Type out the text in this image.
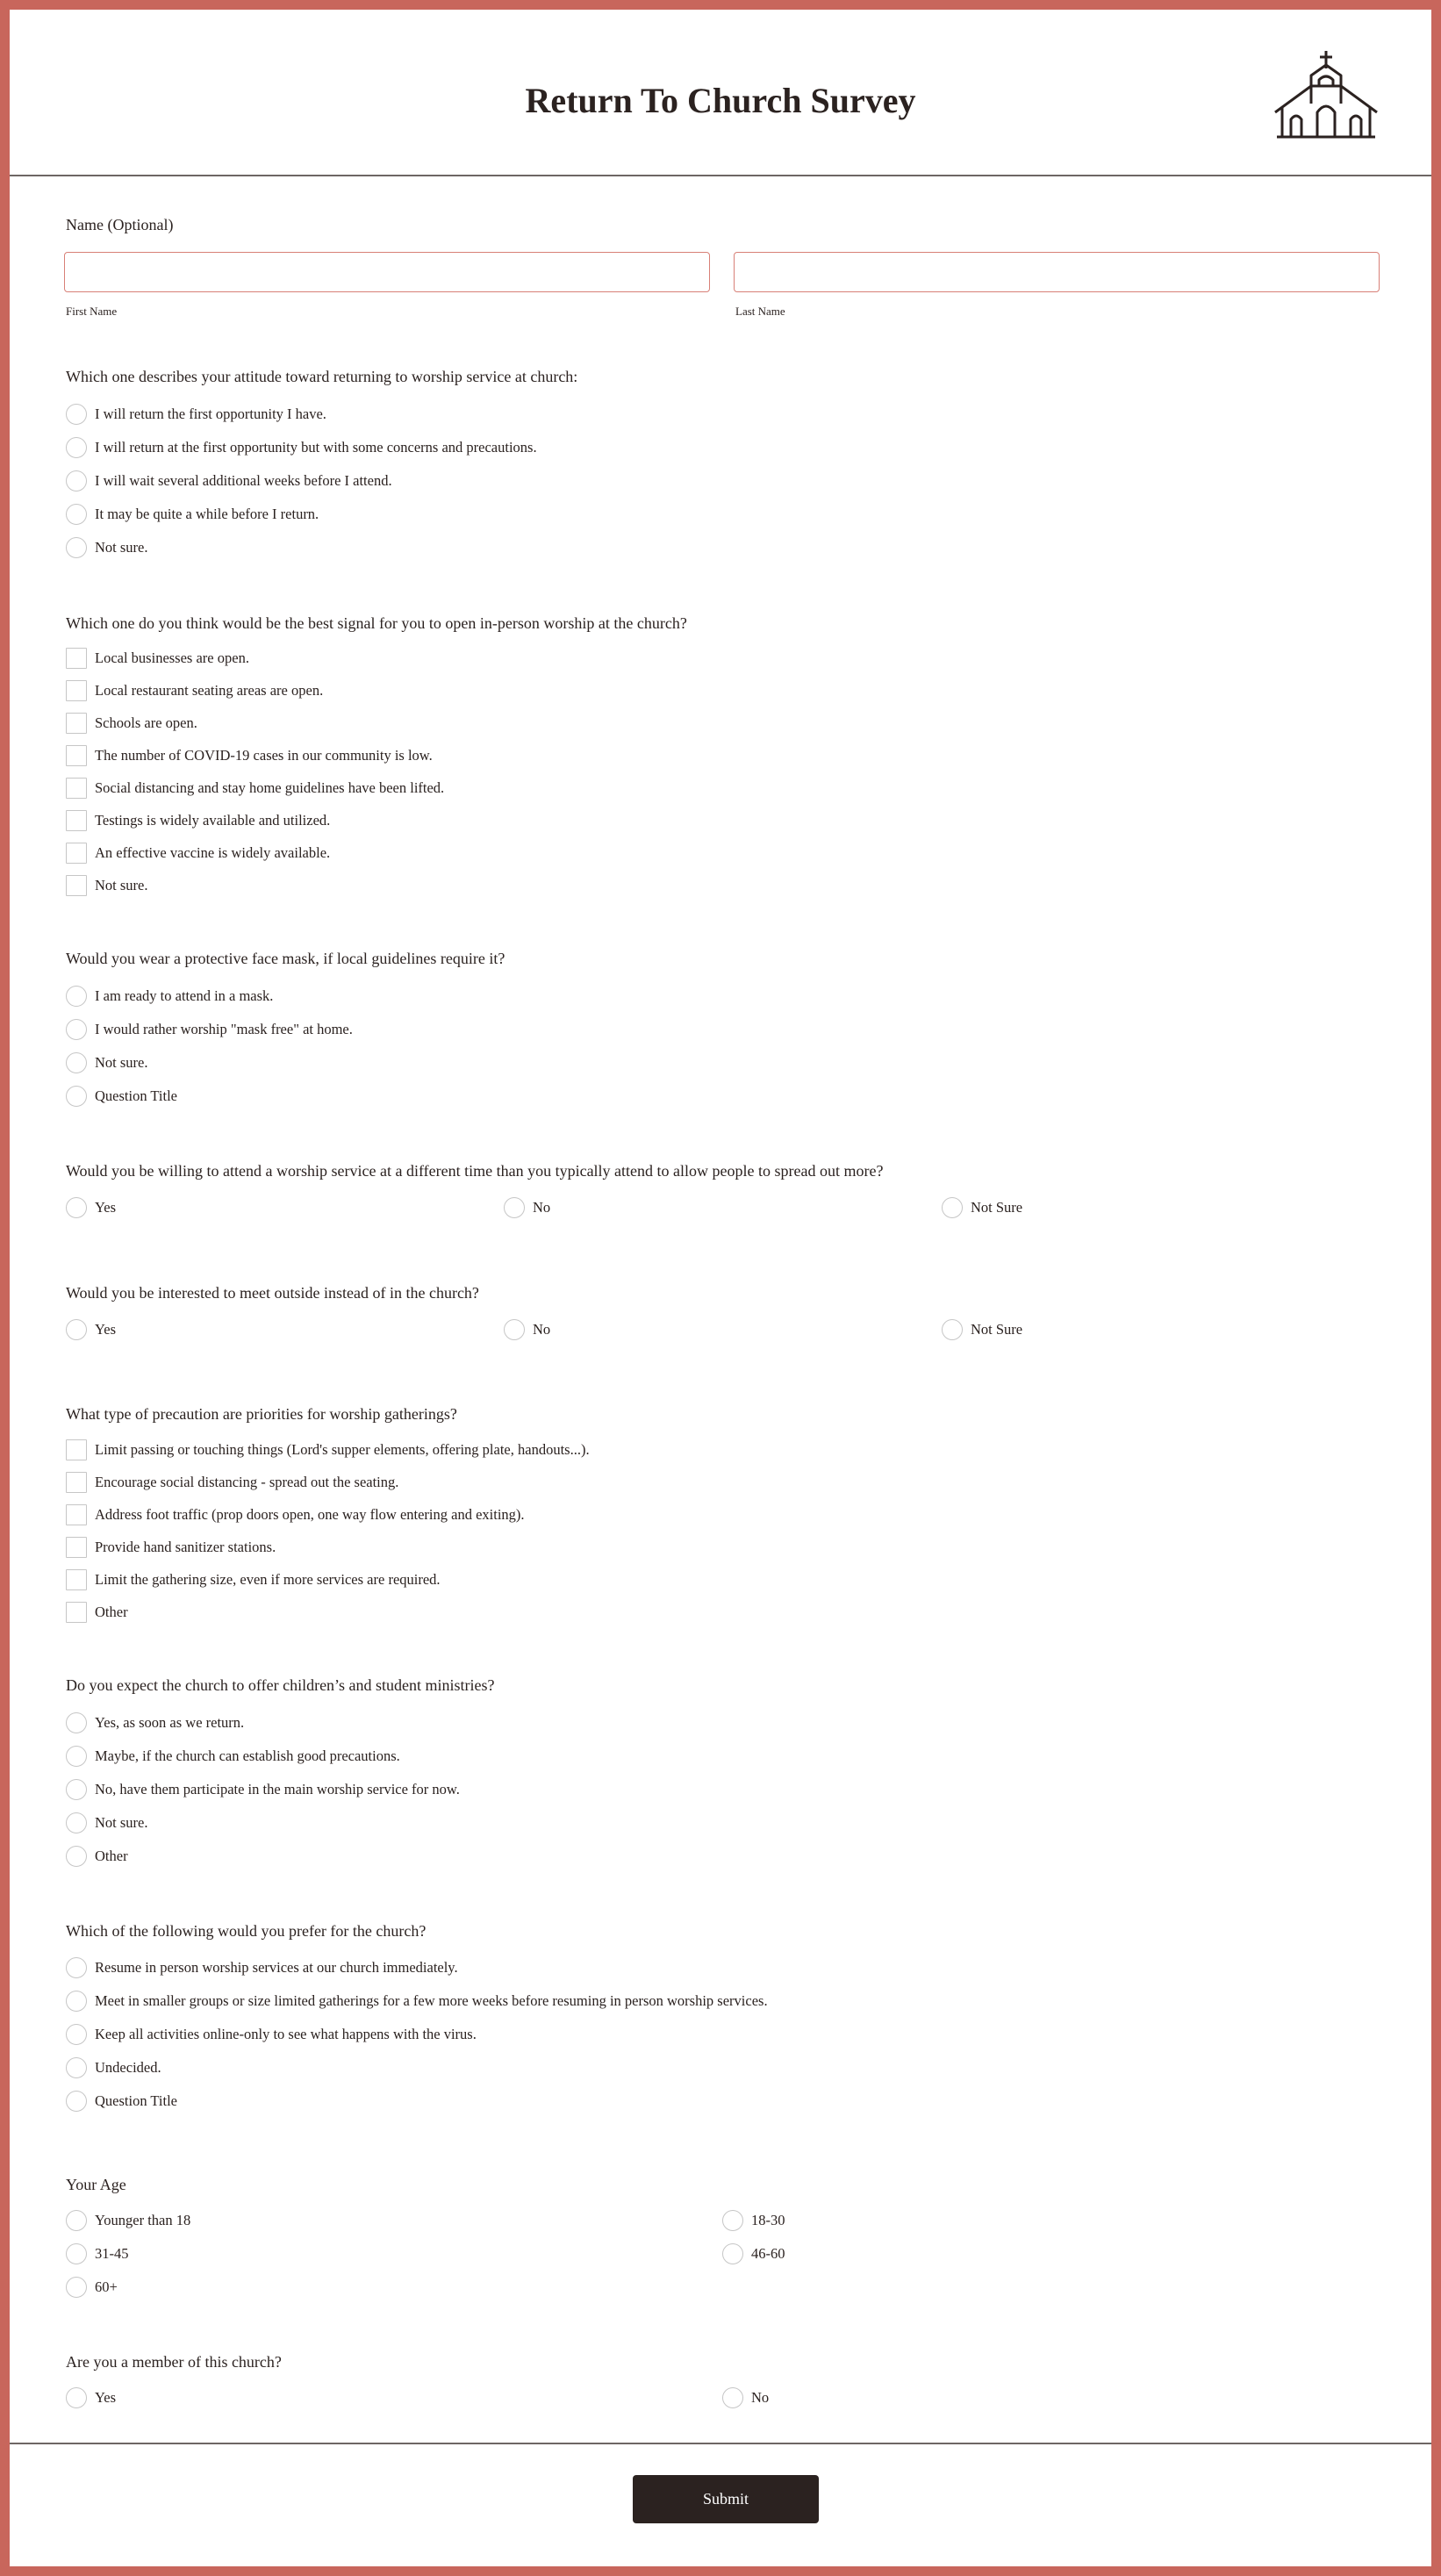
Return To Church Survey
Name (Optional)
First Name	Last Name
Which one describes your attitude toward returning to worship service at church:
I will return the first opportunity I have.
I will return at the first opportunity but with some concerns and precautions.
I will wait several additional weeks before I attend.
It may be quite a while before I return.
Not sure.
Which one do you think would be the best signal for you to open in-person worship at the church?
Local businesses are open.
Local restaurant seating areas are open.
Schools are open.
The number of COVID-19 cases in our community is low.
Social distancing and stay home guidelines have been lifted.
Testings is widely available and utilized.
An effective vaccine is widely available.
Not sure.
Would you wear a protective face mask, if local guidelines require it?
I am ready to attend in a mask.
I would rather worship "mask free" at home.
Not sure.
Question Title
Would you be willing to attend a worship service at a different time than you typically attend to allow people to spread out more?
Yes	No	Not Sure
Would you be interested to meet outside instead of in the church?
Yes	No	Not Sure
What type of precaution are priorities for worship gatherings?
Limit passing or touching things (Lord's supper elements, offering plate, handouts...).
Encourage social distancing - spread out the seating.
Address foot traffic (prop doors open, one way flow entering and exiting).
Provide hand sanitizer stations.
Limit the gathering size, even if more services are required.
Other
Do you expect the church to offer children’s and student ministries?
Yes, as soon as we return.
Maybe, if the church can establish good precautions.
No, have them participate in the main worship service for now.
Not sure.
Other
Which of the following would you prefer for the church?
Resume in person worship services at our church immediately.
Meet in smaller groups or size limited gatherings for a few more weeks before resuming in person worship services.
Keep all activities online-only to see what happens with the virus.
Undecided.
Question Title
Your Age
Younger than 18	18-30
31-45	46-60
60+
Are you a member of this church?
Yes	No
Submit
